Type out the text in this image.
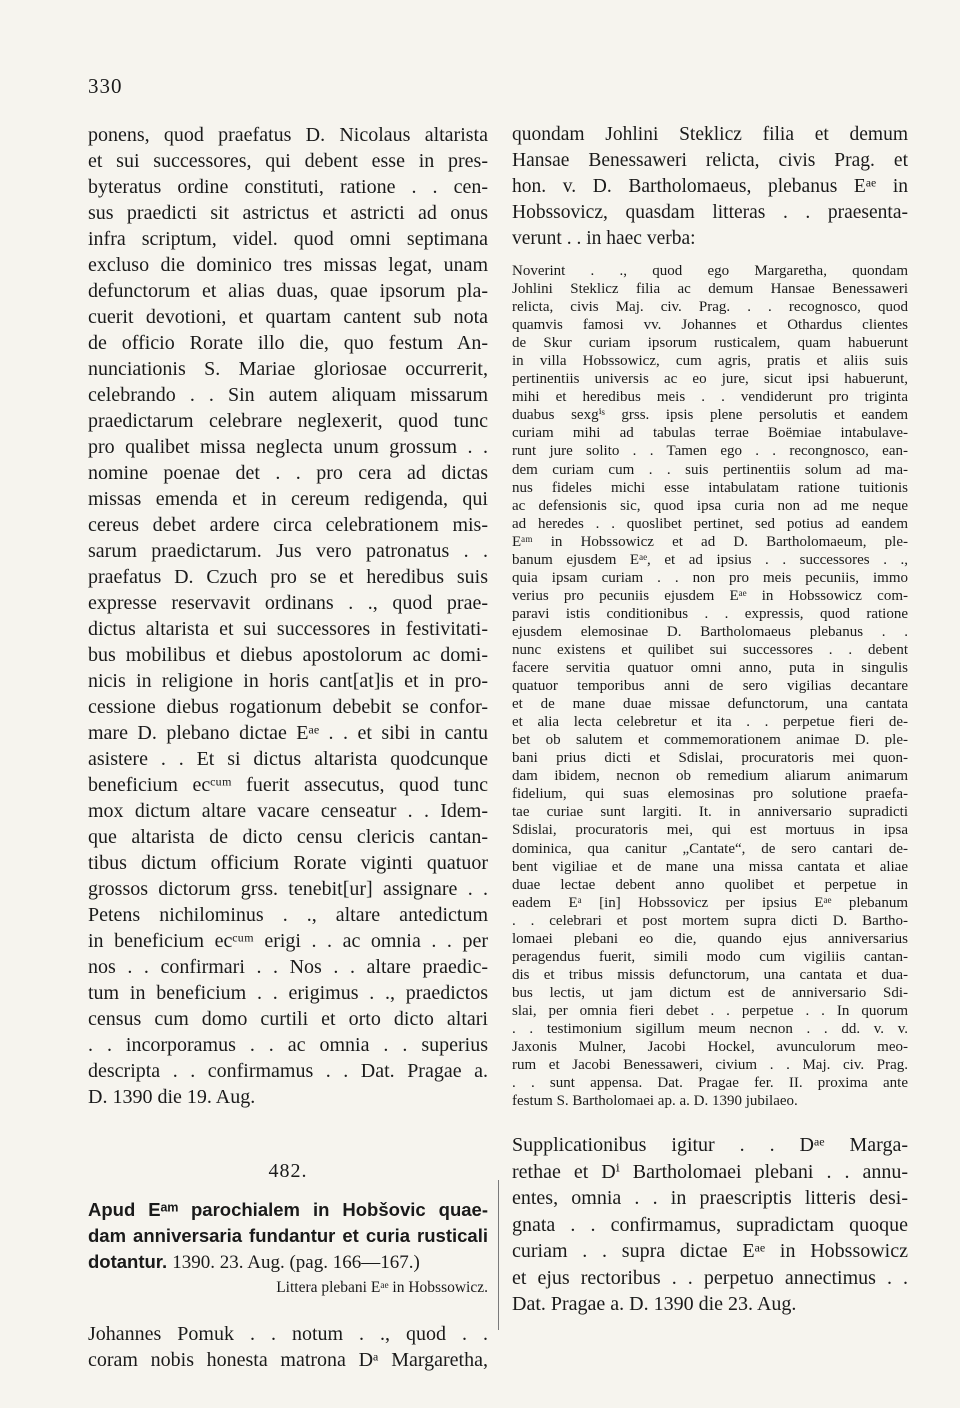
330
ponens, quod praefatus D. Nicolaus altarista
et sui successores, qui debent esse in pres-
byteratus ordine constituti, ratione . . cen-
sus praedicti sit astrictus et astricti ad onus
infra scriptum, videl. quod omni septimana
excluso die dominico tres missas legat, unam
defunctorum et alias duas, quae ipsorum pla-
cuerit devotioni, et quartam cantent sub nota
de officio Rorate illo die, quo festum An-
nunciationis S. Mariae gloriosae occurrerit,
celebrando . . Sin autem aliquam missarum
praedictarum celebrare neglexerit, quod tunc
pro qualibet missa neglecta unum grossum . .
nomine poenae det . . pro cera ad dictas
missas emenda et in cereum redigenda, qui
cereus debet ardere circa celebrationem mis-
sarum praedictarum. Jus vero patronatus . .
praefatus D. Czuch pro se et heredibus suis
expresse reservavit ordinans . ., quod prae-
dictus altarista et sui successores in festivitati-
bus mobilibus et diebus apostolorum ac domi-
nicis in religione in horis cant[at]is et in pro-
cessione diebus rogationum debebit se confor-
mare D. plebano dictae Eᵃᵉ . . et sibi in cantu
asistere . . Et si dictus altarista quodcunque
beneficium ecᶜᵘᵐ fuerit assecutus, quod tunc
mox dictum altare vacare censeatur . . Idem-
que altarista de dicto censu clericis cantan-
tibus dictum officium Rorate viginti quatuor
grossos dictorum grss. tenebit[ur] assignare . .
Petens nichilominus . ., altare antedictum
in beneficium ecᶜᵘᵐ erigi . . ac omnia . . per
nos . . confirmari . . Nos . . altare praedic-
tum in beneficium . . erigimus . ., praedictos
census cum domo curtili et orto dicto altari
. . incorporamus . . ac omnia . . superius
descripta . . confirmamus . . Dat. Pragae a.
D. 1390 die 19. Aug.
482.
Apud Eᵃᵐ parochialem in Hobšovic quae-
dam anniversaria fundantur et curia rusticali
dotantur. 1390. 23. Aug. (pag. 166—167.)
Littera plebani Eᵃᵉ in Hobssowicz.
Johannes Pomuk . . notum . ., quod . .
coram nobis honesta matrona Dᵃ Margaretha,
quondam Johlini Steklicz filia et demum
Hansae Benessaweri relicta, civis Prag. et
hon. v. D. Bartholomaeus, plebanus Eᵃᵉ in
Hobssovicz, quasdam litteras . . praesenta-
verunt . . in haec verba:
Noverint . ., quod ego Margaretha, quondam
Johlini Steklicz filia ac demum Hansae Benessaweri
relicta, civis Maj. civ. Prag. . . recognosco, quod
quamvis famosi vv. Johannes et Othardus clientes
de Skur curiam ipsorum rusticalem, quam habuerunt
in villa Hobssowicz, cum agris, pratis et aliis suis
pertinentiis universis ac eo jure, sicut ipsi habuerunt,
mihi et heredibus meis . . vendiderunt pro triginta
duabus sexgⁱˢ grss. ipsis plene persolutis et eandem
curiam mihi ad tabulas terrae Boëmiae intabulave-
runt jure solito . . Tamen ego . . recongnosco, ean-
dem curiam cum . . suis pertinentiis solum ad ma-
nus fideles michi esse intabulatam ratione tuitionis
ac defensionis sic, quod ipsa curia non ad me neque
ad heredes . . quoslibet pertinet, sed potius ad eandem
Eᵃᵐ in Hobssowicz et ad D. Bartholomaeum, ple-
banum ejusdem Eᵃᵉ, et ad ipsius . . successores . .,
quia ipsam curiam . . non pro meis pecuniis, immo
verius pro pecuniis ejusdem Eᵃᵉ in Hobssowicz com-
paravi istis conditionibus . . expressis, quod ratione
ejusdem elemosinae D. Bartholomaeus plebanus . .
nunc existens et quilibet sui successores . . debent
facere servitia quatuor omni anno, puta in singulis
quatuor temporibus anni de sero vigilias decantare
et de mane duae missae defunctorum, una cantata
et alia lecta celebretur et ita . . perpetue fieri de-
bet ob salutem et commemorationem animae D. ple-
bani prius dicti et Sdislai, procuratoris mei quon-
dam ibidem, necnon ob remedium aliarum animarum
fidelium, qui suas elemosinas pro solutione praefa-
tae curiae sunt largiti. It. in anniversario supradicti
Sdislai, procuratoris mei, qui est mortuus in ipsa
dominica, qua canitur „Cantate“, de sero cantari de-
bent vigiliae et de mane una missa cantata et aliae
duae lectae debent anno quolibet et perpetue in
eadem Eᵃ [in] Hobssovicz per ipsius Eᵃᵉ plebanum
. . celebrari et post mortem supra dicti D. Bartho-
lomaei plebani eo die, quando ejus anniversarius
peragendus fuerit, simili modo cum vigiliis cantan-
dis et tribus missis defunctorum, una cantata et dua-
bus lectis, ut jam dictum est de anniversario Sdi-
slai, per omnia fieri debet . . perpetue . . In quorum
. . testimonium sigillum meum necnon . . dd. v. v.
Jaxonis Mulner, Jacobi Hockel, avunculorum meo-
rum et Jacobi Benessaweri, civium . . Maj. civ. Prag.
. . sunt appensa. Dat. Pragae fer. II. proxima ante
festum S. Bartholomaei ap. a. D. 1390 jubilaeo.
Supplicationibus igitur . . Dᵃᵉ Marga-
rethae et Dⁱ Bartholomaei plebani . . annu-
entes, omnia . . in praescriptis litteris desi-
gnata . . confirmamus, supradictam quoque
curiam . . supra dictae Eᵃᵉ in Hobssowicz
et ejus rectoribus . . perpetuo annectimus . .
Dat. Pragae a. D. 1390 die 23. Aug.
